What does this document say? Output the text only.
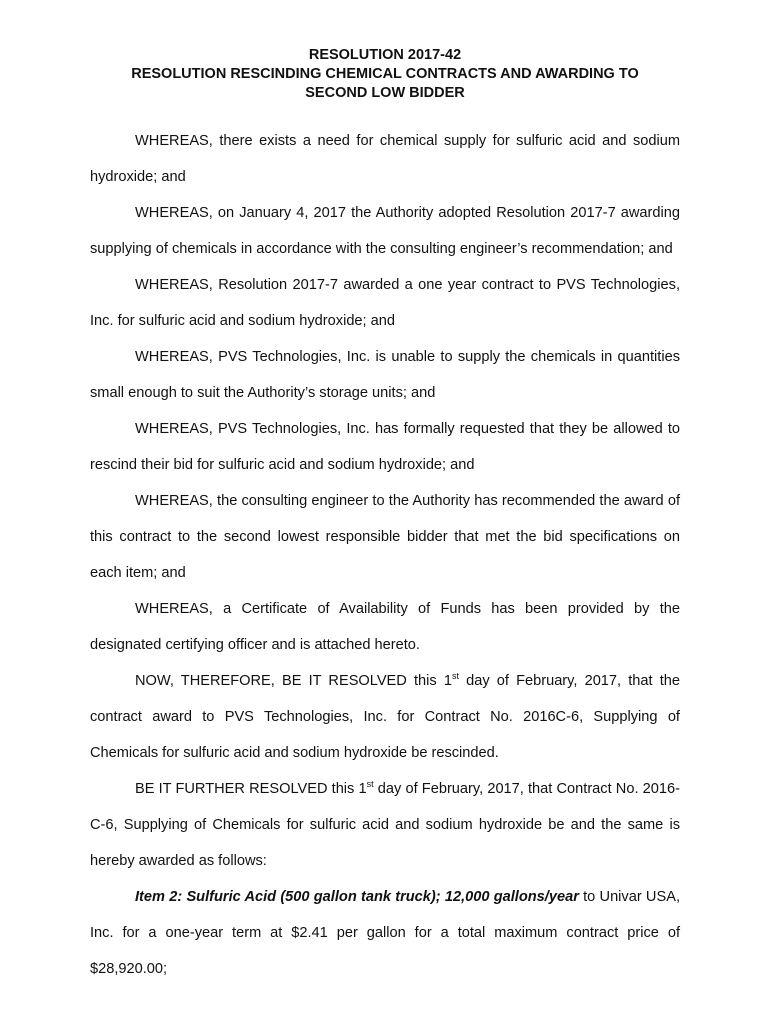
RESOLUTION 2017-42
RESOLUTION RESCINDING CHEMICAL CONTRACTS AND AWARDING TO
SECOND LOW BIDDER

WHEREAS, there exists a need for chemical supply for sulfuric acid and sodium hydroxide; and

WHEREAS, on January 4, 2017 the Authority adopted Resolution 2017-7 awarding supplying of chemicals in accordance with the consulting engineer’s recommendation; and

WHEREAS, Resolution 2017-7 awarded a one year contract to PVS Technologies, Inc. for sulfuric acid and sodium hydroxide; and

WHEREAS, PVS Technologies, Inc. is unable to supply the chemicals in quantities small enough to suit the Authority’s storage units; and

WHEREAS, PVS Technologies, Inc. has formally requested that they be allowed to rescind their bid for sulfuric acid and sodium hydroxide; and

WHEREAS, the consulting engineer to the Authority has recommended the award of this contract to the second lowest responsible bidder that met the bid specifications on each item; and

WHEREAS, a Certificate of Availability of Funds has been provided by the designated certifying officer and is attached hereto.

NOW, THEREFORE, BE IT RESOLVED this 1st day of February, 2017, that the contract award to PVS Technologies, Inc. for Contract No. 2016C-6, Supplying of Chemicals for sulfuric acid and sodium hydroxide be rescinded.

BE IT FURTHER RESOLVED this 1st day of February, 2017, that Contract No. 2016-C-6, Supplying of Chemicals for sulfuric acid and sodium hydroxide be and the same is hereby awarded as follows:

Item 2: Sulfuric Acid (500 gallon tank truck); 12,000 gallons/year to Univar USA, Inc. for a one-year term at $2.41 per gallon for a total maximum contract price of $28,920.00;
